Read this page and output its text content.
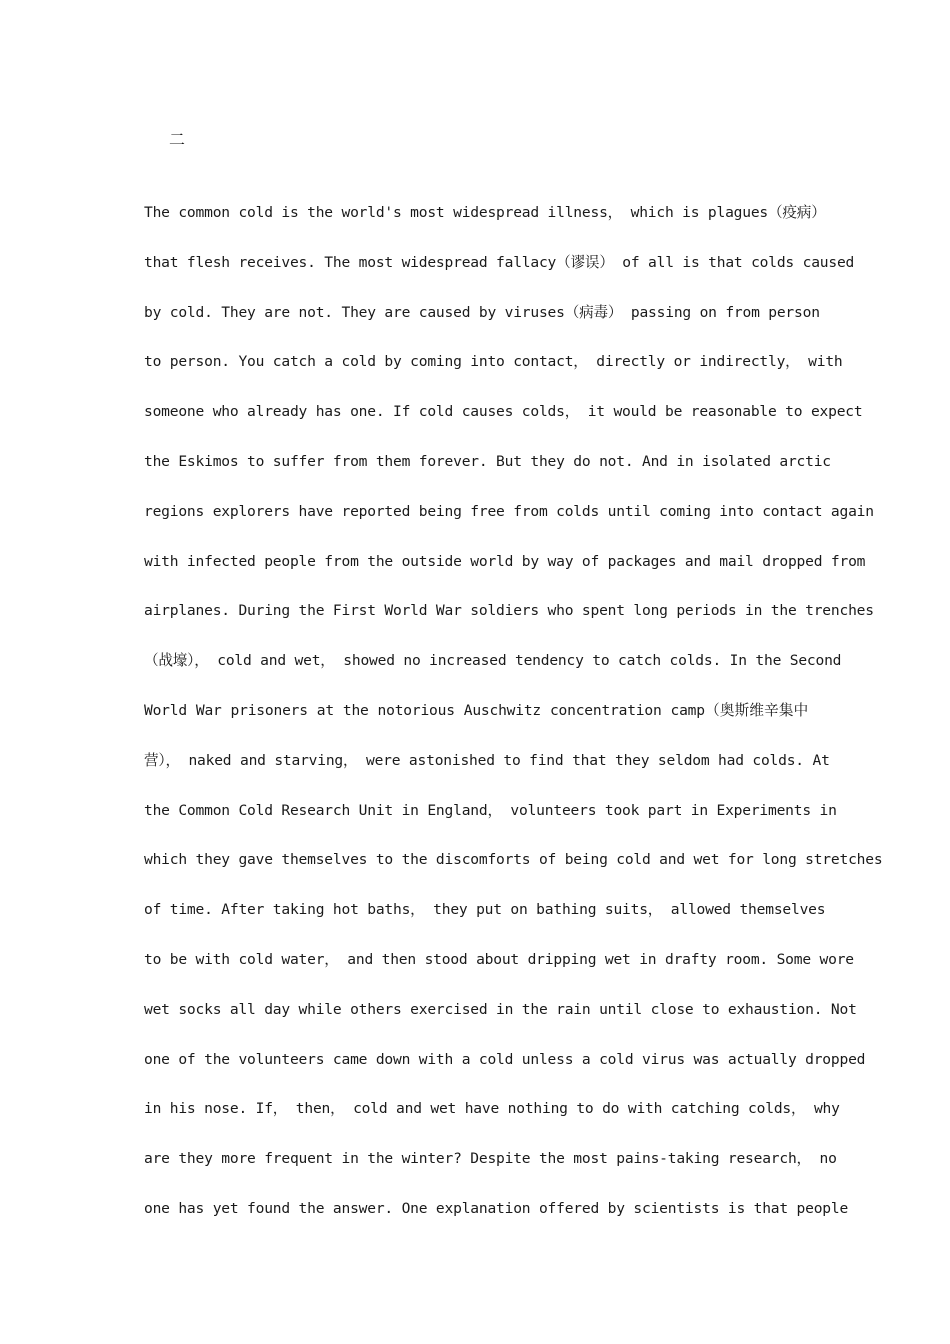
二
The common cold is the world's most widespread illness， which is plagues（疫病）
that flesh receives. The most widespread fallacy（谬误） of all is that colds caused
by cold. They are not. They are caused by viruses（病毒） passing on from person
to person. You catch a cold by coming into contact， directly or indirectly， with
someone who already has one. If cold causes colds， it would be reasonable to expect
the Eskimos to suffer from them forever. But they do not. And in isolated arctic
regions explorers have reported being free from colds until coming into contact again
with infected people from the outside world by way of packages and mail dropped from
airplanes. During the First World War soldiers who spent long periods in the trenches
（战壕）， cold and wet， showed no increased tendency to catch colds. In the Second
World War prisoners at the notorious Auschwitz concentration camp（奥斯维辛集中
营）， naked and starving， were astonished to find that they seldom had colds. At
the Common Cold Research Unit in England， volunteers took part in Experiments in
which they gave themselves to the discomforts of being cold and wet for long stretches
of time. After taking hot baths， they put on bathing suits， allowed themselves
to be with cold water， and then stood about dripping wet in drafty room. Some wore
wet socks all day while others exercised in the rain until close to exhaustion. Not
one of the volunteers came down with a cold unless a cold virus was actually dropped
in his nose. If， then， cold and wet have nothing to do with catching colds， why
are they more frequent in the winter? Despite the most pains-taking research， no
one has yet found the answer. One explanation offered by scientists is that people
